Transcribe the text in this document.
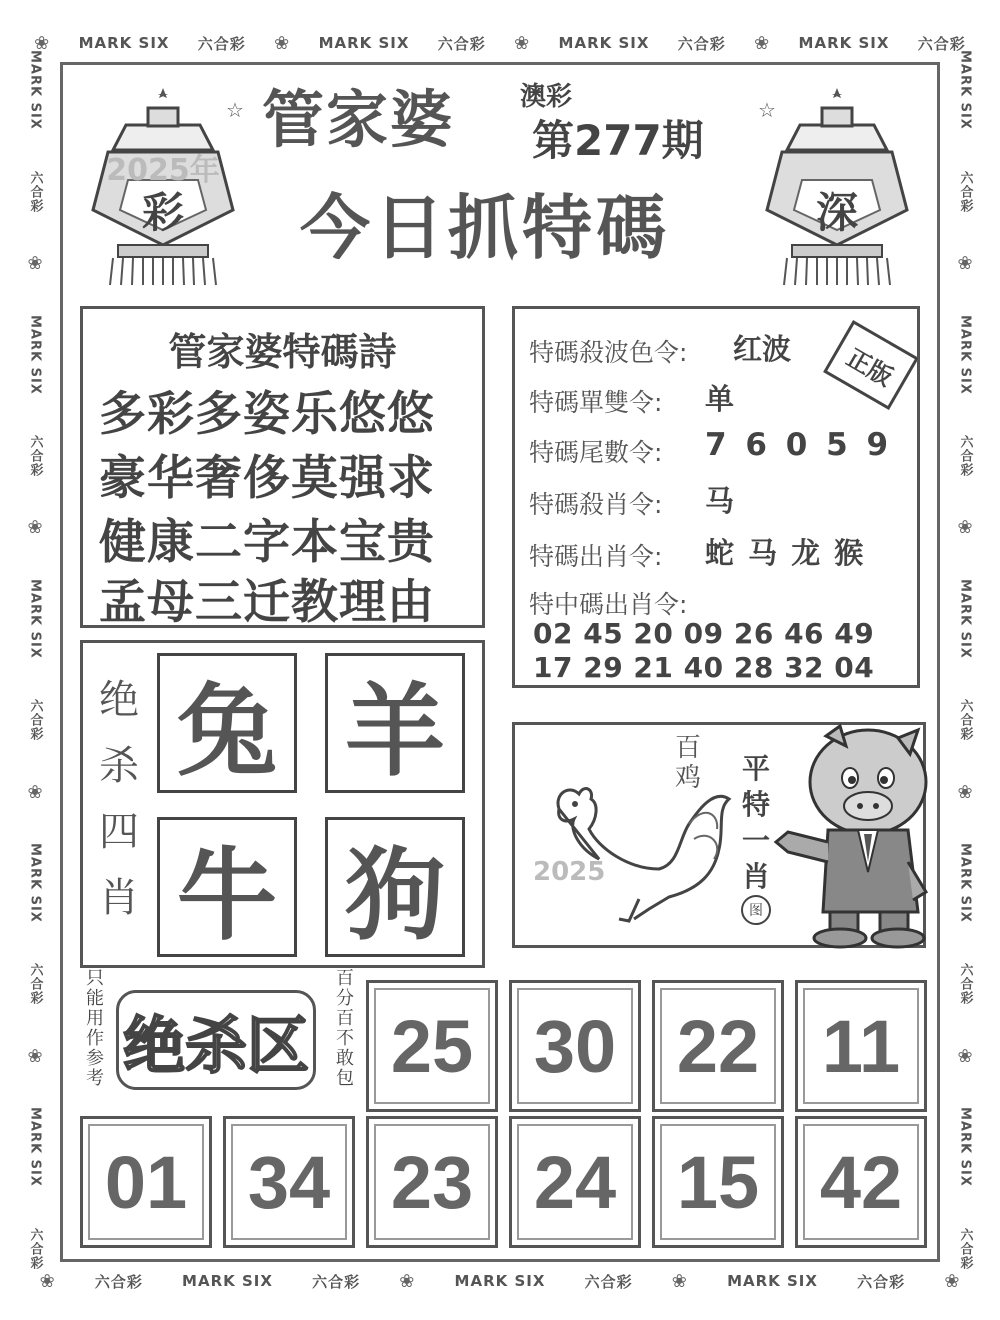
❀ MARK SIX 六合彩 ❀ MARK SIX 六合彩 ❀ MARK SIX 六合彩 ❀ MARK SIX 六合彩
❀	六合彩	MARK SIX	六合彩 ❀	MARK SIX	六合彩 ❀	MARK SIX	六合彩 ❀
MARK SIX
六合彩
❀
MARK SIX
六合彩
❀
MARK SIX
六合彩
❀
MARK SIX
六合彩
❀
MARK SIX
六合彩
MARK SIX
六合彩
❀
MARK SIX
六合彩
❀
MARK SIX
六合彩
❀
MARK SIX
六合彩
❀
MARK SIX
六合彩
2025年
彩
☆
深
☆
管家婆	澳彩
第277期
今日抓特碼
管家婆特碼詩
多彩多姿乐悠悠
豪华奢侈莫强求
健康二字本宝贵
孟母三迁教理由
正版
特碼殺波色令: 红波
特碼單雙令: 单
特碼尾數令: 7 6 0 5 9
特碼殺肖令: 马
特碼出肖令: 蛇 马 龙 猴
特中碼出肖令:
02 45 20 09 26 46 49
17 29 21 40 28 32 04
绝杀四肖
兔 羊
牛 狗	2025
百鸡 平特一肖
图
只能用作参考 绝杀区	百分百不敢包 25 30 22 11
01 34 23 24 15 42
